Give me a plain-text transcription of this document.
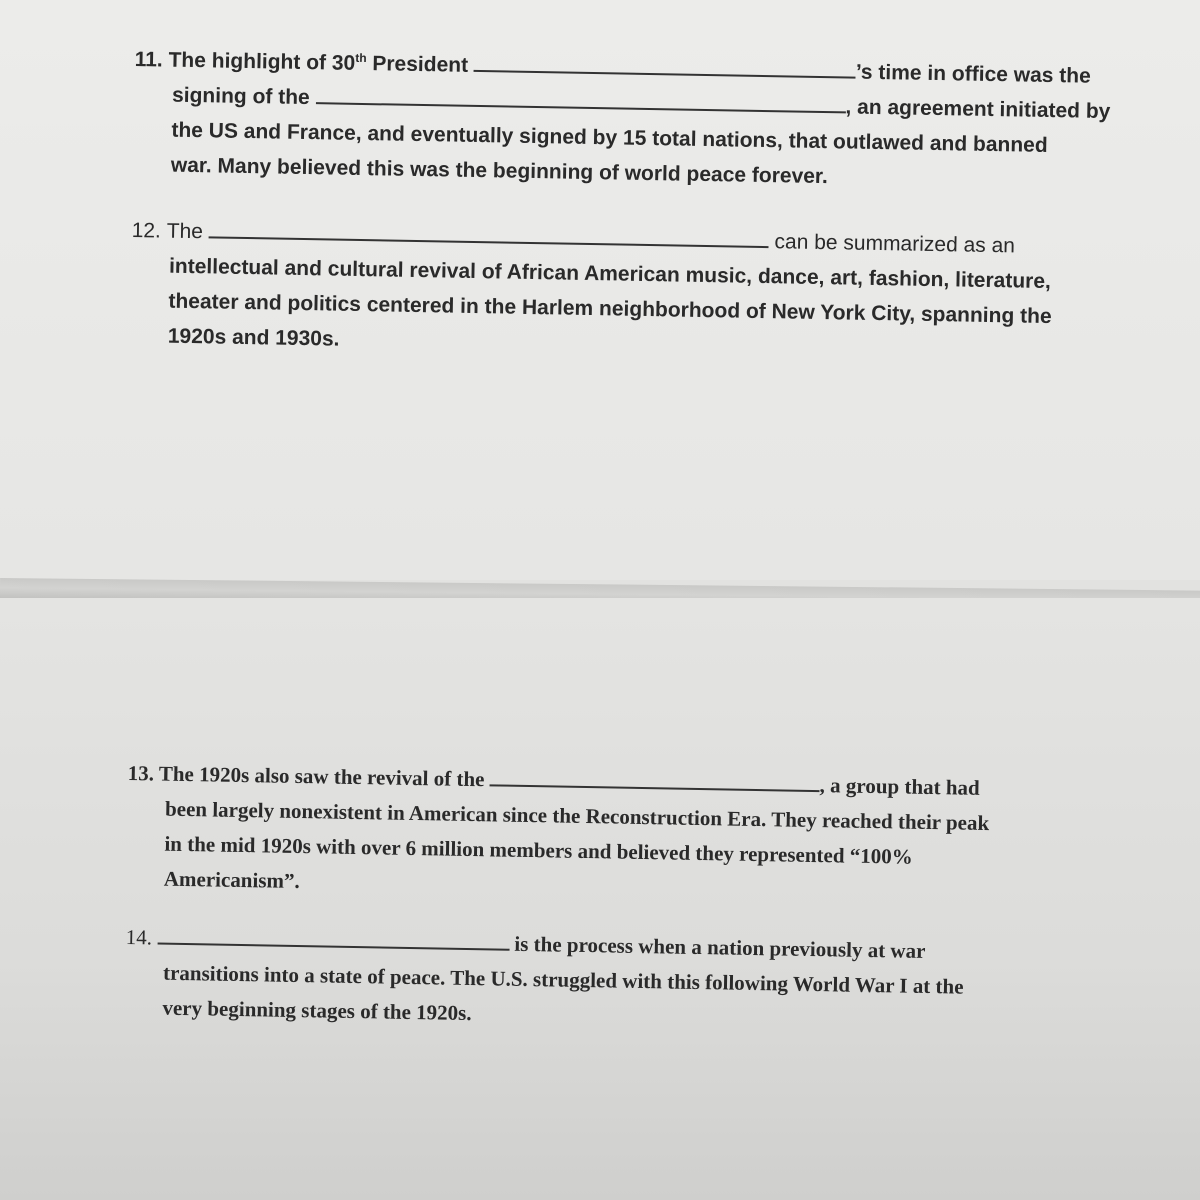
11. The highlight of 30th President	’s time in office was the
signing of the	, an agreement initiated by
the US and France, and eventually signed by 15 total nations, that outlawed and banned
war. Many believed this was the beginning of world peace forever.
12. The	can be summarized as an
intellectual and cultural revival of African American music, dance, art, fashion, literature,
theater and politics centered in the Harlem neighborhood of New York City, spanning the
1920s and 1930s.
13. The 1920s also saw the revival of the	, a group that had
been largely nonexistent in American since the Reconstruction Era. They reached their peak
in the mid 1920s with over 6 million members and believed they represented “100%
Americanism”.
14.	is the process when a nation previously at war
transitions into a state of peace. The U.S. struggled with this following World War I at the
very beginning stages of the 1920s.
